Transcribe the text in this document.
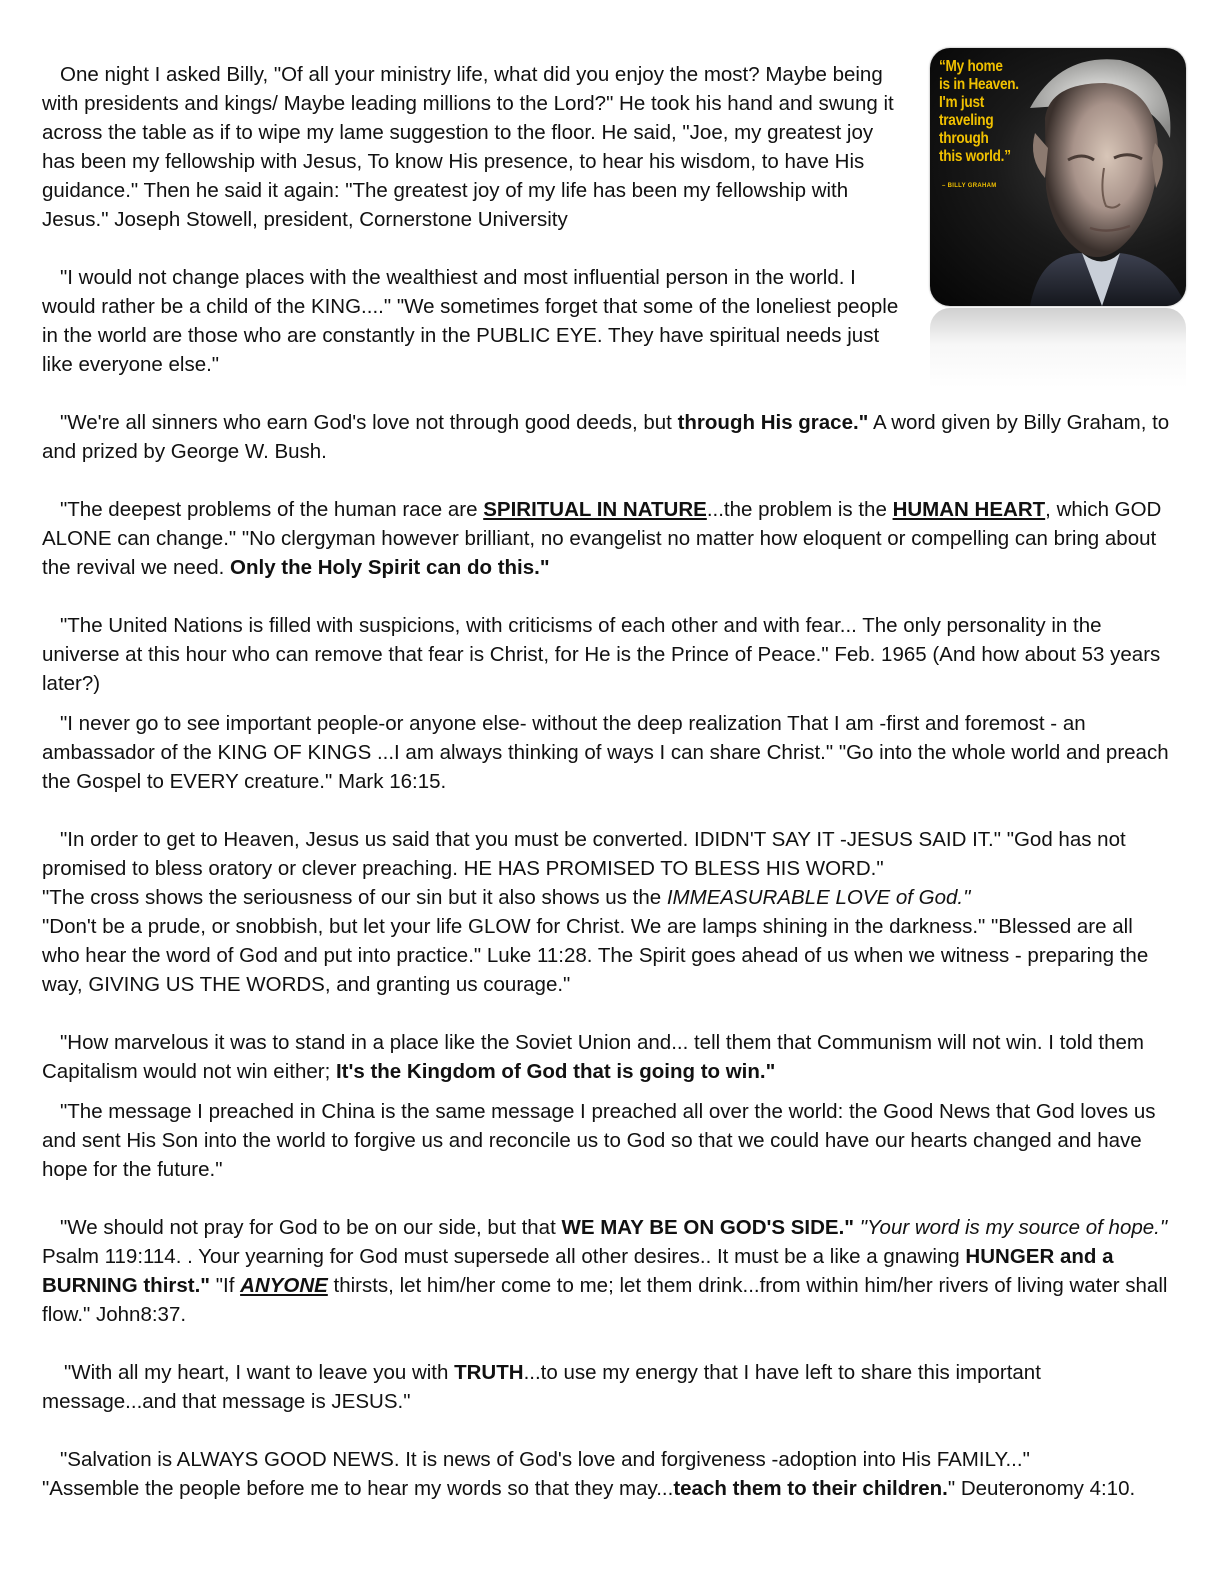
“My home
is in Heaven.
I'm just
traveling
through
this world.”
– BILLY GRAHAM

One night I asked Billy, "Of all your ministry life, what did you enjoy the most? Maybe being with presidents and kings/ Maybe leading millions to the Lord?" He took his hand and swung it across the table as if to wipe my lame suggestion to the floor. He said, "Joe, my greatest joy has been my fellowship with Jesus, To know His presence, to hear his wisdom, to have His guidance." Then he said it again: "The greatest joy of my life has been my fellowship with Jesus." Joseph Stowell, president, Cornerstone University

"I would not change places with the wealthiest and most influential person in the world. I would rather be a child of the KING...." "We sometimes forget that some of the loneliest people in the world are those who are constantly in the PUBLIC EYE. They have spiritual needs just like everyone else."

"We're all sinners who earn God's love not through good deeds, but through His grace." A word given by Billy Graham, to and prized by George W. Bush.

"The deepest problems of the human race are SPIRITUAL IN NATURE...the problem is the HUMAN HEART, which GOD ALONE can change." "No clergyman however brilliant, no evangelist no matter how eloquent or compelling can bring about the revival we need. Only the Holy Spirit can do this."

"The United Nations is filled with suspicions, with criticisms of each other and with fear... The only personality in the universe at this hour who can remove that fear is Christ, for He is the Prince of Peace." Feb. 1965 (And how about 53 years later?)

"I never go to see important people-or anyone else- without the deep realization That I am -first and foremost - an ambassador of the KING OF KINGS ...I am always thinking of ways I can share Christ." "Go into the whole world and preach the Gospel to EVERY creature." Mark 16:15.

"In order to get to Heaven, Jesus us said that you must be converted. IDIDN'T SAY IT -JESUS SAID IT." "God has not promised to bless oratory or clever preaching. HE HAS PROMISED TO BLESS HIS WORD."

"The cross shows the seriousness of our sin but it also shows us the IMMEASURABLE LOVE of God."

"Don't be a prude, or snobbish, but let your life GLOW for Christ. We are lamps shining in the darkness." "Blessed are all who hear the word of God and put into practice." Luke 11:28. The Spirit goes ahead of us when we witness - preparing the way, GIVING US THE WORDS, and granting us courage."

"How marvelous it was to stand in a place like the Soviet Union and... tell them that Communism will not win. I told them Capitalism would not win either; It's the Kingdom of God that is going to win."

"The message I preached in China is the same message I preached all over the world: the Good News that God loves us and sent His Son into the world to forgive us and reconcile us to God so that we could have our hearts changed and have hope for the future."

"We should not pray for God to be on our side, but that WE MAY BE ON GOD'S SIDE." "Your word is my source of hope." Psalm 119:114. . Your yearning for God must supersede all other desires.. It must be a like a gnawing HUNGER and a BURNING thirst." "If ANYONE thirsts, let him/her come to me; let them drink...from within him/her rivers of living water shall flow." John8:37.

"With all my heart, I want to leave you with TRUTH...to use my energy that I have left to share this important message...and that message is JESUS."

"Salvation is ALWAYS GOOD NEWS. It is news of God's love and forgiveness -adoption into His FAMILY..."

"Assemble the people before me to hear my words so that they may...teach them to their children." Deuteronomy 4:10.
